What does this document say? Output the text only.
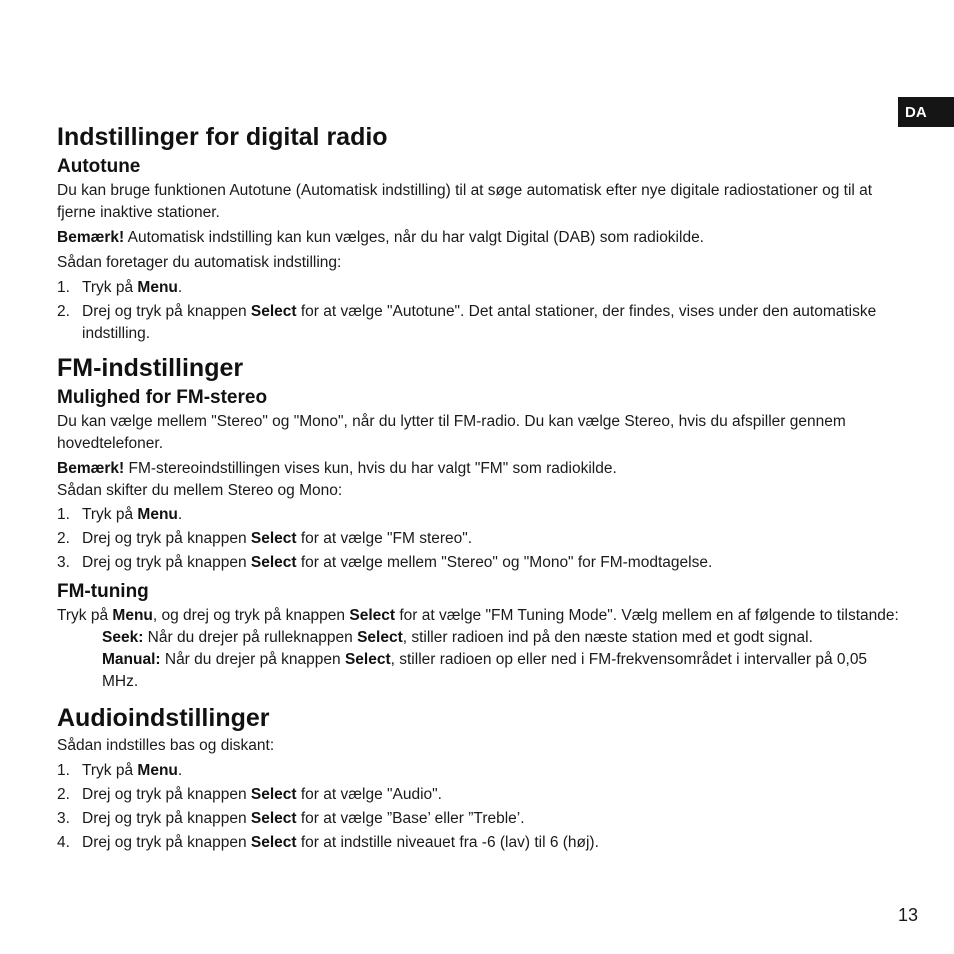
DA
Indstillinger for digital radio
Autotune

Du kan bruge funktionen Autotune (Automatisk indstilling) til at søge automatisk efter nye digitale radiostationer og til at fjerne inaktive stationer.

Bemærk! Automatisk indstilling kan kun vælges, når du har valgt Digital (DAB) som radiokilde.

Sådan foretager du automatisk indstilling:

1. Tryk på Menu.
2. Drej og tryk på knappen Select for at vælge "Autotune". Det antal stationer, der findes, vises under den automatiske indstilling.
FM-indstillinger
Mulighed for FM-stereo

Du kan vælge mellem "Stereo" og "Mono", når du lytter til FM-radio. Du kan vælge Stereo, hvis du afspiller gennem hovedtelefoner.

Bemærk! FM-stereoindstillingen vises kun, hvis du har valgt "FM" som radiokilde.

Sådan skifter du mellem Stereo og Mono:

1. Tryk på Menu.
2. Drej og tryk på knappen Select for at vælge "FM stereo".
3. Drej og tryk på knappen Select for at vælge mellem "Stereo" og "Mono" for FM-modtagelse.
FM-tuning

Tryk på Menu, og drej og tryk på knappen Select for at vælge "FM Tuning Mode". Vælg mellem en af følgende to tilstande:

Seek: Når du drejer på rulleknappen Select, stiller radioen ind på den næste station med et godt signal.

Manual: Når du drejer på knappen Select, stiller radioen op eller ned i FM-frekvensområdet i intervaller på 0,05 MHz.

Audioindstillinger

Sådan indstilles bas og diskant:

1. Tryk på Menu.
2. Drej og tryk på knappen Select for at vælge "Audio".
3. Drej og tryk på knappen Select for at vælge ”Base’ eller ”Treble’.
4. Drej og tryk på knappen Select for at indstille niveauet fra -6 (lav) til 6 (høj).
13
